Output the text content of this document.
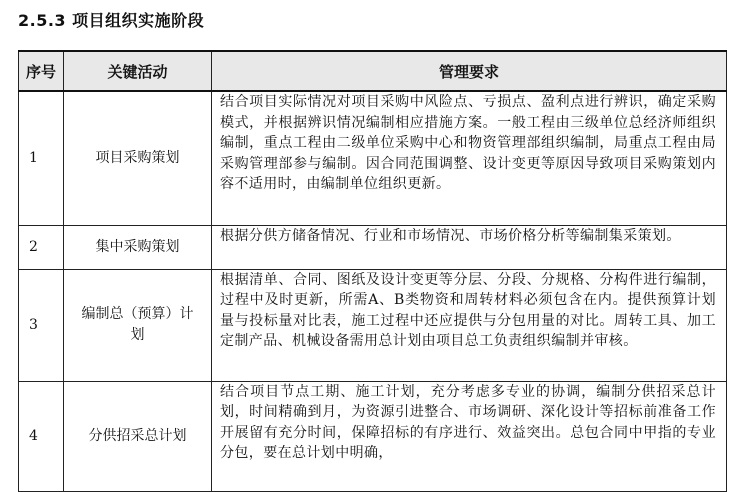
2.5.3 项目组织实施阶段
序号	关键活动	管理要求
1	项目采购策划	结合项目实际情况对项目采购中风险点、亏损点、盈利点进行辨识，确定采购模式，并根据辨识情况编制相应措施方案。一般工程由三级单位总经济师组织编制，重点工程由二级单位采购中心和物资管理部组织编制，局重点工程由局采购管理部参与编制。因合同范围调整、设计变更等原因导致项目采购策划内容不适用时，由编制单位组织更新。
2	集中采购策划	根据分供方储备情况、行业和市场情况、市场价格分析等编制集采策划。
3	编制总（预算）计划	根据清单、合同、图纸及设计变更等分层、分段、分规格、分构件进行编制，过程中及时更新，所需A、B类物资和周转材料必须包含在内。提供预算计划量与投标量对比表，施工过程中还应提供与分包用量的对比。周转工具、加工定制产品、机械设备需用总计划由项目总工负责组织编制并审核。
4	分供招采总计划	结合项目节点工期、施工计划，充分考虑多专业的协调，编制分供招采总计划，时间精确到月，为资源引进整合、市场调研、深化设计等招标前准备工作开展留有充分时间，保障招标的有序进行、效益突出。总包合同中甲指的专业分包，要在总计划中明确，
